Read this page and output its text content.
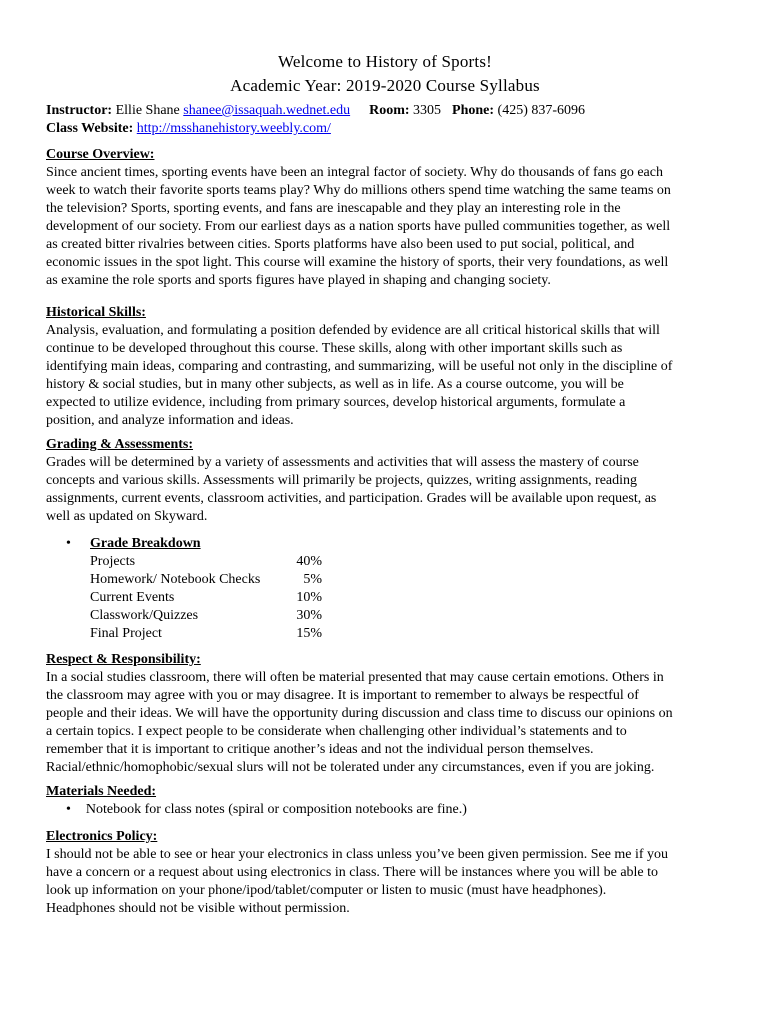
Welcome to History of Sports!
Academic Year: 2019-2020 Course Syllabus
Instructor: Ellie Shane shanee@issaquah.wednet.edu Room: 3305 Phone: (425) 837-6096
Class Website: http://msshanehistory.weebly.com/
Course Overview:
Since ancient times, sporting events have been an integral factor of society. Why do thousands of fans go each
week to watch their favorite sports teams play? Why do millions others spend time watching the same teams on
the television? Sports, sporting events, and fans are inescapable and they play an interesting role in the
development of our society. From our earliest days as a nation sports have pulled communities together, as well
as created bitter rivalries between cities. Sports platforms have also been used to put social, political, and
economic issues in the spot light. This course will examine the history of sports, their very foundations, as well
as examine the role sports and sports figures have played in shaping and changing society.
Historical Skills:
Analysis, evaluation, and formulating a position defended by evidence are all critical historical skills that will
continue to be developed throughout this course. These skills, along with other important skills such as
identifying main ideas, comparing and contrasting, and summarizing, will be useful not only in the discipline of
history & social studies, but in many other subjects, as well as in life. As a course outcome, you will be
expected to utilize evidence, including from primary sources, develop historical arguments, formulate a
position, and analyze information and ideas.
Grading & Assessments:
Grades will be determined by a variety of assessments and activities that will assess the mastery of course
concepts and various skills. Assessments will primarily be projects, quizzes, writing assignments, reading
assignments, current events, classroom activities, and participation. Grades will be available upon request, as
well as updated on Skyward.
• Grade Breakdown
Projects	40%
Homework/ Notebook Checks	5%
Current Events	10%
Classwork/Quizzes	30%
Final Project	15%
Respect & Responsibility:
In a social studies classroom, there will often be material presented that may cause certain emotions. Others in
the classroom may agree with you or may disagree. It is important to remember to always be respectful of
people and their ideas. We will have the opportunity during discussion and class time to discuss our opinions on
a certain topics. I expect people to be considerate when challenging other individual’s statements and to
remember that it is important to critique another’s ideas and not the individual person themselves.
Racial/ethnic/homophobic/sexual slurs will not be tolerated under any circumstances, even if you are joking.
Materials Needed:
• Notebook for class notes (spiral or composition notebooks are fine.)
Electronics Policy:
I should not be able to see or hear your electronics in class unless you’ve been given permission. See me if you
have a concern or a request about using electronics in class. There will be instances where you will be able to
look up information on your phone/ipod/tablet/computer or listen to music (must have headphones).
Headphones should not be visible without permission.
